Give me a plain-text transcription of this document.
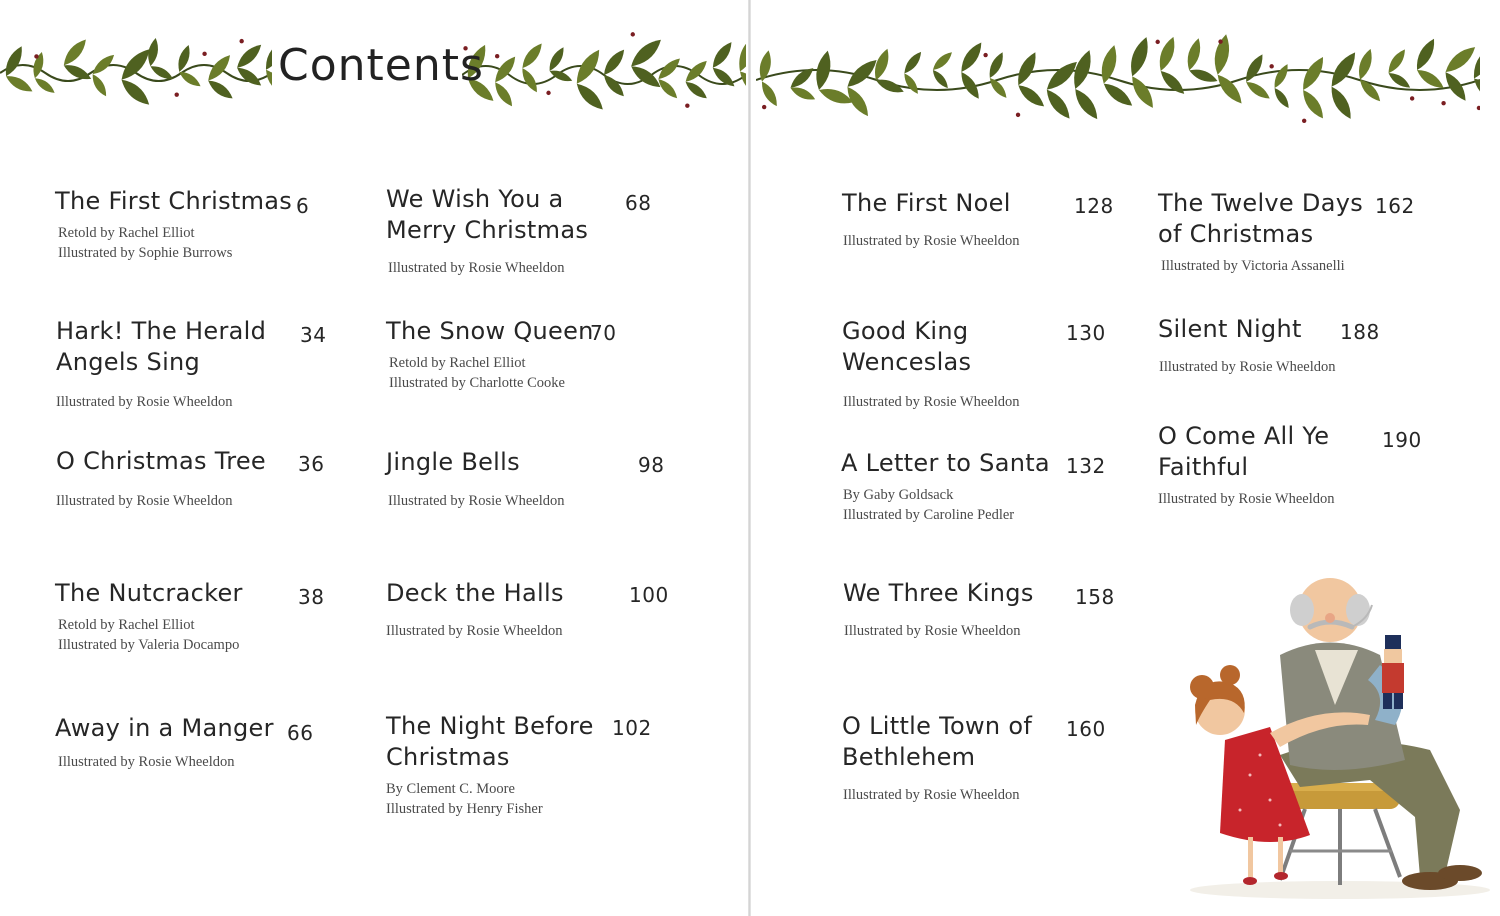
Contents
The First Christmas
Retold by Rachel Elliot
Illustrated by Sophie Burrows
6
Hark! The Herald
Angels Sing
Illustrated by Rosie Wheeldon
34
O Christmas Tree
Illustrated by Rosie Wheeldon
36
The Nutcracker
Retold by Rachel Elliot
Illustrated by Valeria Docampo
38
Away in a Manger
Illustrated by Rosie Wheeldon
66
We Wish You a
Merry Christmas
Illustrated by Rosie Wheeldon
68
The Snow Queen
Retold by Rachel Elliot
Illustrated by Charlotte Cooke
70
Jingle Bells
Illustrated by Rosie Wheeldon
98
Deck the Halls
Illustrated by Rosie Wheeldon
100
The Night Before
Christmas
By Clement C. Moore
Illustrated by Henry Fisher
102
The First Noel
Illustrated by Rosie Wheeldon
128
Good King
Wenceslas
Illustrated by Rosie Wheeldon
130
A Letter to Santa
By Gaby Goldsack
Illustrated by Caroline Pedler
132
We Three Kings
Illustrated by Rosie Wheeldon
158
O Little Town of
Bethlehem
Illustrated by Rosie Wheeldon
160
The Twelve Days
of Christmas
Illustrated by Victoria Assanelli
162
Silent Night
Illustrated by Rosie Wheeldon
188
O Come All Ye
Faithful
Illustrated by Rosie Wheeldon
190
